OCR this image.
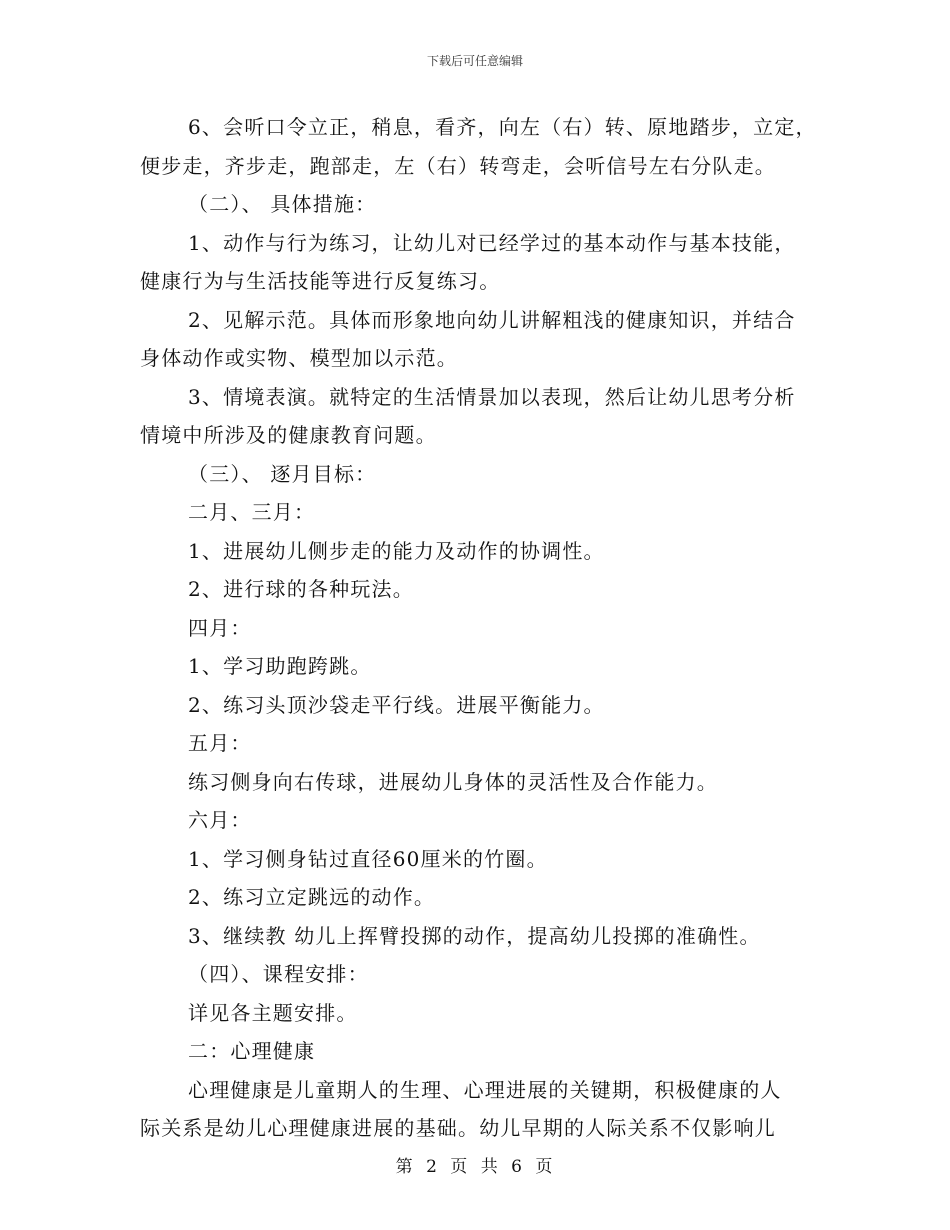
下载后可任意编辑

6、会听口令立正，稍息，看齐，向左（右）转、原地踏步，立定，

便步走，齐步走，跑部走，左（右）转弯走，会听信号左右分队走。

（二）、 具体措施：

1、动作与行为练习，让幼儿对已经学过的基本动作与基本技能，

健康行为与生活技能等进行反复练习。

2、见解示范。具体而形象地向幼儿讲解粗浅的健康知识，并结合

身体动作或实物、模型加以示范。

3、情境表演。就特定的生活情景加以表现，然后让幼儿思考分析

情境中所涉及的健康教育问题。

（三）、 逐月目标：

二月、三月：

1、进展幼儿侧步走的能力及动作的协调性。

2、进行球的各种玩法。

四月：

1、学习助跑跨跳。

2、练习头顶沙袋走平行线。进展平衡能力。

五月：

练习侧身向右传球，进展幼儿身体的灵活性及合作能力。

六月：

1、学习侧身钻过直径60厘米的竹圈。

2、练习立定跳远的动作。

3、继续教 幼儿上挥臂投掷的动作，提高幼儿投掷的准确性。

（四）、课程安排：

详见各主题安排。

二：心理健康

心理健康是儿童期人的生理、心理进展的关键期，积极健康的人

际关系是幼儿心理健康进展的基础。幼儿早期的人际关系不仅影响儿

第 2 页 共 6 页
